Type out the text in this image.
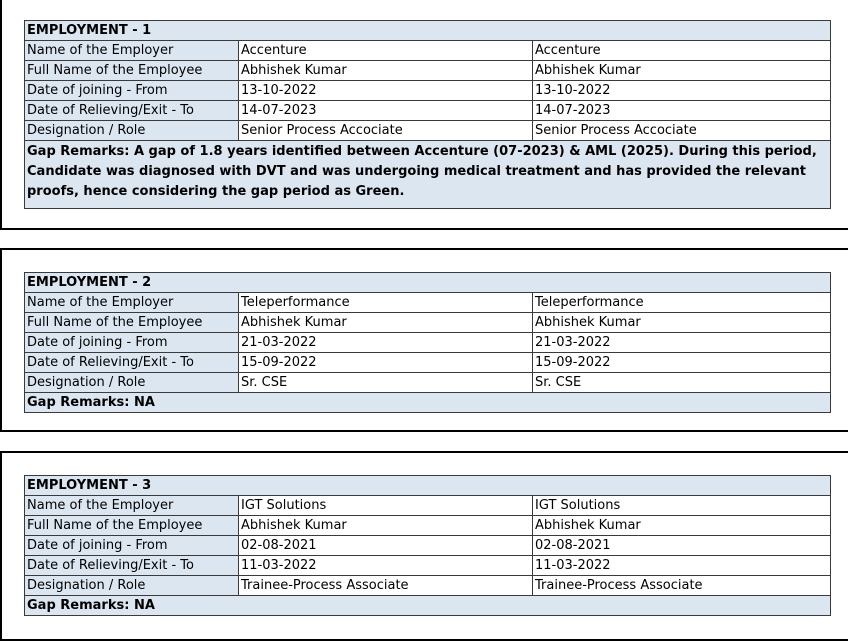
EMPLOYMENT - 1		
Name of the Employer	Accenture	Accenture
Full Name of the Employee	Abhishek Kumar	Abhishek Kumar
Date of joining - From	13-10-2022	13-10-2022
Date of Relieving/Exit - To	14-07-2023	14-07-2023
Designation / Role	Senior Process Accociate	Senior Process Accociate
Gap Remarks: A gap of 1.8 years identified between Accenture (07-2023) & AML (2025). During this period, Candidate was diagnosed with DVT and was undergoing medical treatment and has provided the relevant proofs, hence considering the gap period as Green.		
EMPLOYMENT - 2		
Name of the Employer	Teleperformance	Teleperformance
Full Name of the Employee	Abhishek Kumar	Abhishek Kumar
Date of joining - From	21-03-2022	21-03-2022
Date of Relieving/Exit - To	15-09-2022	15-09-2022
Designation / Role	Sr. CSE	Sr. CSE
Gap Remarks: NA		
EMPLOYMENT - 3		
Name of the Employer	IGT Solutions	IGT Solutions
Full Name of the Employee	Abhishek Kumar	Abhishek Kumar
Date of joining - From	02-08-2021	02-08-2021
Date of Relieving/Exit - To	11-03-2022	11-03-2022
Designation / Role	Trainee-Process Associate	Trainee-Process Associate
Gap Remarks: NA		
